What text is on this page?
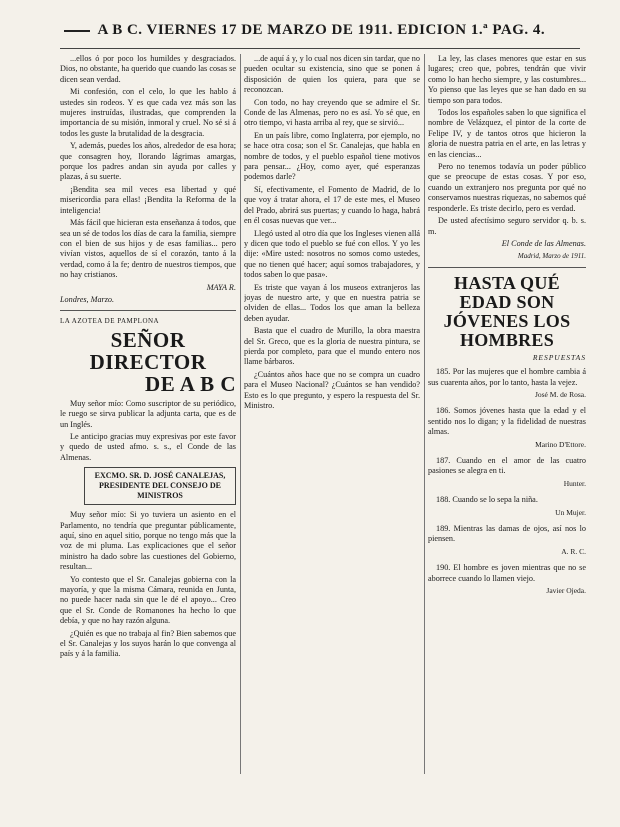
A B C. VIERNES 17 DE MARZO DE 1911. EDICION 1.ª PAG. 4.

...ellos ó por poco los humildes y desgraciados. Dios, no obstante, ha querido que cuando las cosas se dicen sean verdad.

Mi confesión, con el celo, lo que les hablo á ustedes sin rodeos. Y es que cada vez más son las mujeres instruídas, ilustradas, que comprenden la importancia de su misión, inmoral y cruel. No sé si á todos les guste la brutalidad de la desgracia.

Y, además, puedes los años, alrededor de esa hora; que consagren hoy, llorando lágrimas amargas, porque los padres andan sin ayuda por calles y plazas, á su suerte.

¡Bendita sea mil veces esa libertad y qué misericordia para ellas! ¡Bendita la Reforma de la inteligencia!

Más fácil que hicieran esta enseñanza á todos, que sea un sé de todos los días de cara la familia, siempre con el bien de sus hijos y de esas familias... pero vivían vistos, aquellos de sí el corazón, tanto á la verdad, como á la fe; dentro de nuestros tiempos, que no hay cristianos.

MAYA R.
Londres, Marzo.
LA AZOTEA DE PAMPLONA
SEÑOR DIRECTOR
DE A B C

Muy señor mío: Como suscriptor de su periódico, le ruego se sirva publicar la adjunta carta, que es de un Inglés.

Le anticipo gracias muy expresivas por este favor y quedo de usted afmo. s. s., el Conde de las Almenas.

EXCMO. SR. D. JOSÉ CANALEJAS, PRESIDENTE DEL CONSEJO DE MINISTROS

Muy señor mío: Si yo tuviera un asiento en el Parlamento, no tendría que preguntar públicamente, aquí, sino en aquel sitio, porque no tengo más que la voz de mi pluma. Las explicaciones que el señor ministro ha dado sobre las cuestiones del Gobierno, resultan...

Yo contesto que el Sr. Canalejas gobierna con la mayoría, y que la misma Cámara, reunida en Junta, no puede hacer nada sin que le dé el apoyo... Creo que el Sr. Conde de Romanones ha hecho lo que debía, y que no hay razón alguna.

¿Quién es que no trabaja al fin? Bien sabemos que el Sr. Canalejas y los suyos harán lo que convenga al país y á la familia.

...de aquí á y, y lo cual nos dicen sin tardar, que no pueden ocultar su existencia, sino que se ponen á disposición de quien los quiera, para que se reconozcan.

Con todo, no hay creyendo que se admire el Sr. Conde de las Almenas, pero no es así. Yo sé que, en otro tiempo, vi hasta arriba al rey, que se sirvió...

En un país libre, como Inglaterra, por ejemplo, no se hace otra cosa; son el Sr. Canalejas, que habla en nombre de todos, y el pueblo español tiene motivos para pensar... ¿Hoy, como ayer, qué esperanzas podemos darle?

Sí, efectivamente, el Fomento de Madrid, de lo que voy á tratar ahora, el 17 de este mes, el Museo del Prado, abrirá sus puertas; y cuando lo haga, habrá en él cosas nuevas que ver...

Llegó usted al otro día que los Ingleses vienen allá y dicen que todo el pueblo se fué con ellos. Y yo les dije: «Mire usted: nosotros no somos como ustedes, que no tienen qué hacer; aquí somos trabajadores, y todos saben lo que pasa».

Es triste que vayan á los museos extranjeros las joyas de nuestro arte, y que en nuestra patria se olviden de ellas... Todos los que aman la belleza deben ayudar.

Basta que el cuadro de Murillo, la obra maestra del Sr. Greco, que es la gloria de nuestra pintura, se pierda por completo, para que el mundo entero nos llame bárbaros.

¿Cuántos años hace que no se compra un cuadro para el Museo Nacional? ¿Cuántos se han vendido? Esto es lo que pregunto, y espero la respuesta del Sr. Ministro.

La ley, las clases menores que estar en sus lugares; creo que, pobres, tendrán que vivir como lo han hecho siempre, y las costumbres... Yo pienso que las leyes que se han dado en su tiempo son para todos.

Todos los españoles saben lo que significa el nombre de Velázquez, el pintor de la corte de Felipe IV, y de tantos otros que hicieron la gloria de nuestra patria en el arte, en las letras y en las ciencias...

Pero no tenemos todavía un poder público que se preocupe de estas cosas. Y por eso, cuando un extranjero nos pregunta por qué no conservamos nuestras riquezas, no sabemos qué responderle. Es triste decirlo, pero es verdad.

De usted afectísimo seguro servidor q. b. s. m.

El Conde de las Almenas.
Madrid, Marzo de 1911.
HASTA QUÉ EDAD SON JÓVENES LOS HOMBRES
RESPUESTAS

185. Por las mujeres que el hombre cambia á sus cuarenta años, por lo tanto, hasta la vejez.

José M. de Rosa.

186. Somos jóvenes hasta que la edad y el sentido nos lo digan; y la fidelidad de nuestras almas.

Marino D'Ettore.

187. Cuando en el amor de las cuatro pasiones se alegra en ti.

Hunter.

188. Cuando se lo sepa la niña.

Un Mujer.

189. Mientras las damas de ojos, así nos lo piensen.

A. R. C.

190. El hombre es joven mientras que no se aborrece cuando lo llamen viejo.

Javier Ojeda.
